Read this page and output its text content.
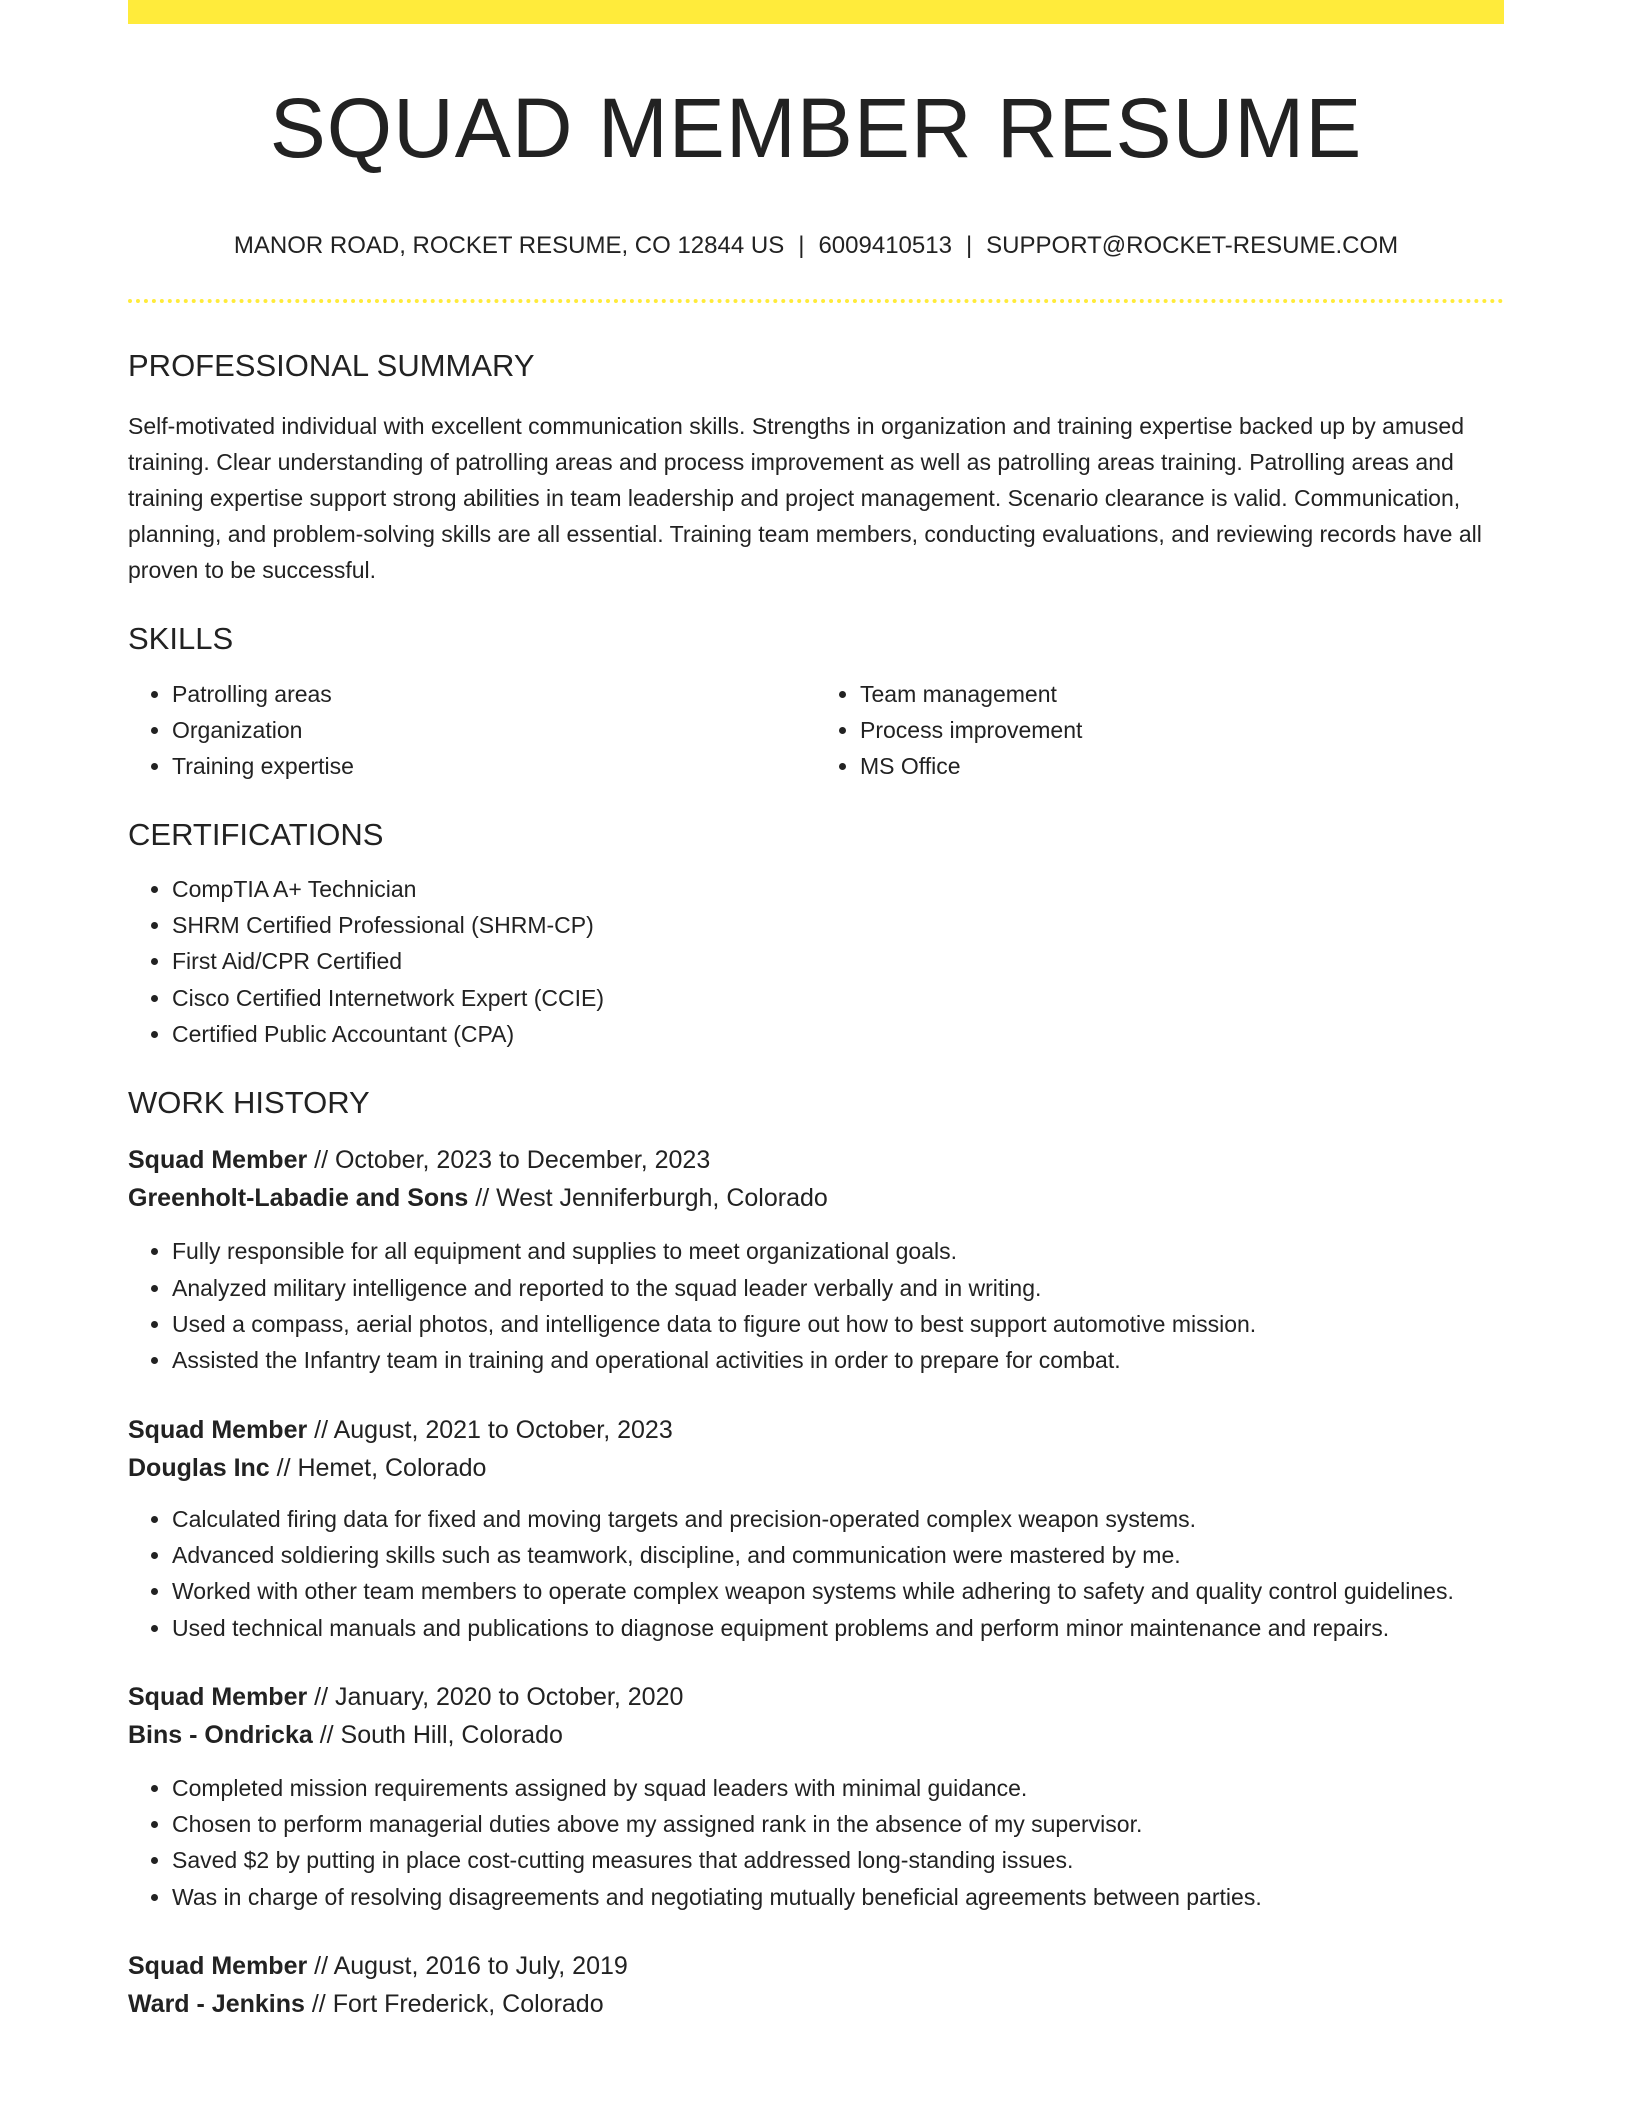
SQUAD MEMBER RESUME
MANOR ROAD, ROCKET RESUME, CO 12844 US | 6009410513 | SUPPORT@ROCKET-RESUME.COM
PROFESSIONAL SUMMARY

Self-motivated individual with excellent communication skills. Strengths in organization and training expertise backed up by amused training. Clear understanding of patrolling areas and process improvement as well as patrolling areas training. Patrolling areas and training expertise support strong abilities in team leadership and project management. Scenario clearance is valid. Communication, planning, and problem-solving skills are all essential. Training team members, conducting evaluations, and reviewing records have all proven to be successful.

SKILLS
• Patrolling areas
• Organization
• Training expertise
• Team management
• Process improvement
• MS Office
CERTIFICATIONS
• CompTIA A+ Technician
• SHRM Certified Professional (SHRM-CP)
• First Aid/CPR Certified
• Cisco Certified Internetwork Expert (CCIE)
• Certified Public Accountant (CPA)
WORK HISTORY
Squad Member // October, 2023 to December, 2023
Greenholt-Labadie and Sons // West Jenniferburgh, Colorado
• Fully responsible for all equipment and supplies to meet organizational goals.
• Analyzed military intelligence and reported to the squad leader verbally and in writing.
• Used a compass, aerial photos, and intelligence data to figure out how to best support automotive mission.
• Assisted the Infantry team in training and operational activities in order to prepare for combat.
Squad Member // August, 2021 to October, 2023
Douglas Inc // Hemet, Colorado
• Calculated firing data for fixed and moving targets and precision-operated complex weapon systems.
• Advanced soldiering skills such as teamwork, discipline, and communication were mastered by me.
• Worked with other team members to operate complex weapon systems while adhering to safety and quality control guidelines.
• Used technical manuals and publications to diagnose equipment problems and perform minor maintenance and repairs.
Squad Member // January, 2020 to October, 2020
Bins - Ondricka // South Hill, Colorado
• Completed mission requirements assigned by squad leaders with minimal guidance.
• Chosen to perform managerial duties above my assigned rank in the absence of my supervisor.
• Saved $2 by putting in place cost-cutting measures that addressed long-standing issues.
• Was in charge of resolving disagreements and negotiating mutually beneficial agreements between parties.
Squad Member // August, 2016 to July, 2019
Ward - Jenkins // Fort Frederick, Colorado
